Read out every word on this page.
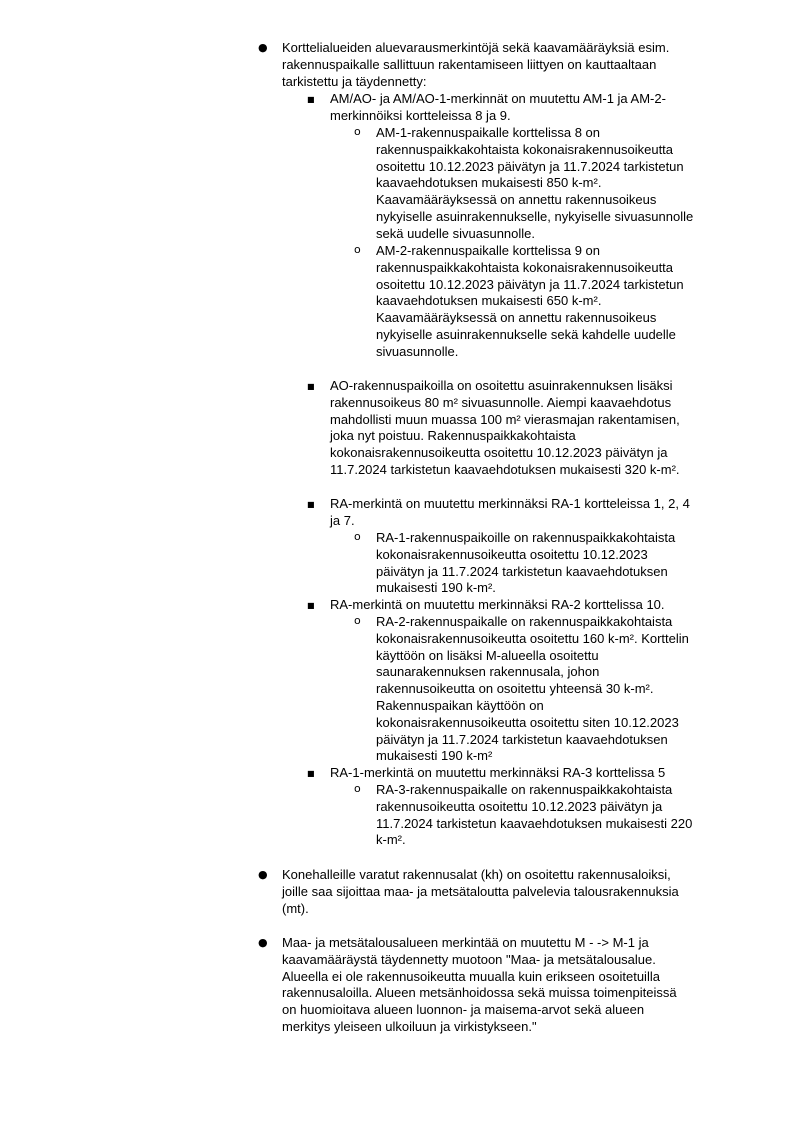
● Korttelialueiden aluevarausmerkintöjä sekä kaavamääräyksiä esim.
rakennuspaikalle sallittuun rakentamiseen liittyen on kauttaaltaan
tarkistettu ja täydennetty:
■ AM/AO- ja AM/AO-1-merkinnät on muutettu AM-1 ja AM-2-
merkinnöiksi kortteleissa 8 ja 9.
o AM-1-rakennuspaikalle korttelissa 8 on
rakennuspaikkakohtaista kokonaisrakennusoikeutta
osoitettu 10.12.2023 päivätyn ja 11.7.2024 tarkistetun
kaavaehdotuksen mukaisesti 850 k-m².
Kaavamääräyksessä on annettu rakennusoikeus
nykyiselle asuinrakennukselle, nykyiselle sivuasunnolle
sekä uudelle sivuasunnolle.
o AM-2-rakennuspaikalle korttelissa 9 on
rakennuspaikkakohtaista kokonaisrakennusoikeutta
osoitettu 10.12.2023 päivätyn ja 11.7.2024 tarkistetun
kaavaehdotuksen mukaisesti 650 k-m².
Kaavamääräyksessä on annettu rakennusoikeus
nykyiselle asuinrakennukselle sekä kahdelle uudelle
sivuasunnolle.
■ AO-rakennuspaikoilla on osoitettu asuinrakennuksen lisäksi
rakennusoikeus 80 m² sivuasunnolle. Aiempi kaavaehdotus
mahdollisti muun muassa 100 m² vierasmajan rakentamisen,
joka nyt poistuu. Rakennuspaikkakohtaista
kokonaisrakennusoikeutta osoitettu 10.12.2023 päivätyn ja
11.7.2024 tarkistetun kaavaehdotuksen mukaisesti 320 k-m².
■ RA-merkintä on muutettu merkinnäksi RA-1 kortteleissa 1, 2, 4
ja 7.
o RA-1-rakennuspaikoille on rakennuspaikkakohtaista
kokonaisrakennusoikeutta osoitettu 10.12.2023
päivätyn ja 11.7.2024 tarkistetun kaavaehdotuksen
mukaisesti 190 k-m².
■ RA-merkintä on muutettu merkinnäksi RA-2 korttelissa 10.
o RA-2-rakennuspaikalle on rakennuspaikkakohtaista
kokonaisrakennusoikeutta osoitettu 160 k-m². Korttelin
käyttöön on lisäksi M-alueella osoitettu
saunarakennuksen rakennusala, johon
rakennusoikeutta on osoitettu yhteensä 30 k-m².
Rakennuspaikan käyttöön on
kokonaisrakennusoikeutta osoitettu siten 10.12.2023
päivätyn ja 11.7.2024 tarkistetun kaavaehdotuksen
mukaisesti 190 k-m²
■ RA-1-merkintä on muutettu merkinnäksi RA-3 korttelissa 5
o RA-3-rakennuspaikalle on rakennuspaikkakohtaista
rakennusoikeutta osoitettu 10.12.2023 päivätyn ja
11.7.2024 tarkistetun kaavaehdotuksen mukaisesti 220
k-m².
● Konehalleille varatut rakennusalat (kh) on osoitettu rakennusaloiksi,
joille saa sijoittaa maa- ja metsätaloutta palvelevia talousrakennuksia
(mt).
● Maa- ja metsätalousalueen merkintää on muutettu M - -> M-1 ja
kaavamääräystä täydennetty muotoon "Maa- ja metsätalousalue.
Alueella ei ole rakennusoikeutta muualla kuin erikseen osoitetuilla
rakennusaloilla. Alueen metsänhoidossa sekä muissa toimenpiteissä
on huomioitava alueen luonnon- ja maisema-arvot sekä alueen
merkitys yleiseen ulkoiluun ja virkistykseen."
